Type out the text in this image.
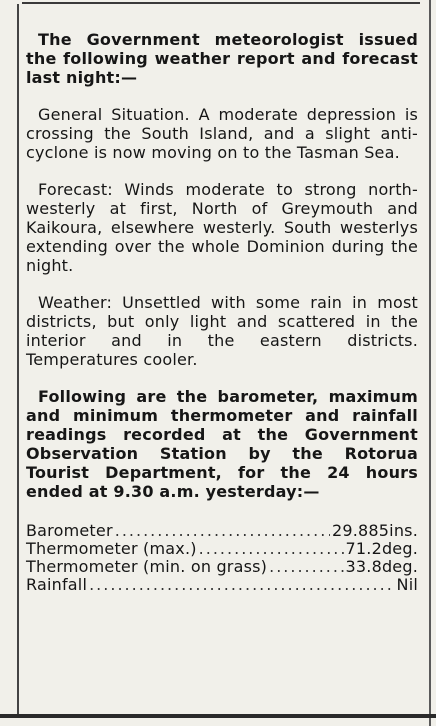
The Government meteorologist issued the following weather report and forecast last night:—

General Situation. A moderate depression is crossing the South Island, and a slight anti-cyclone is now moving on to the Tasman Sea.

Forecast: Winds moderate to strong north-westerly at first, North of Greymouth and Kaikoura, elsewhere westerly. South westerlys extending over the whole Dominion during the night.

Weather: Unsettled with some rain in most districts, but only light and scattered in the interior and in the eastern districts. Temperatures cooler.

Following are the barometer, maximum and minimum thermometer and rainfall readings recorded at the Government Observation Station by the Rotorua Tourist Department, for the 24 hours ended at 9.30 a.m. yesterday:—

Barometer .....	29.885ins.
Thermometer (max.) .....	71.2deg.
Thermometer (min. on grass) .....	33.8deg.
Rainfall .....	Nil
